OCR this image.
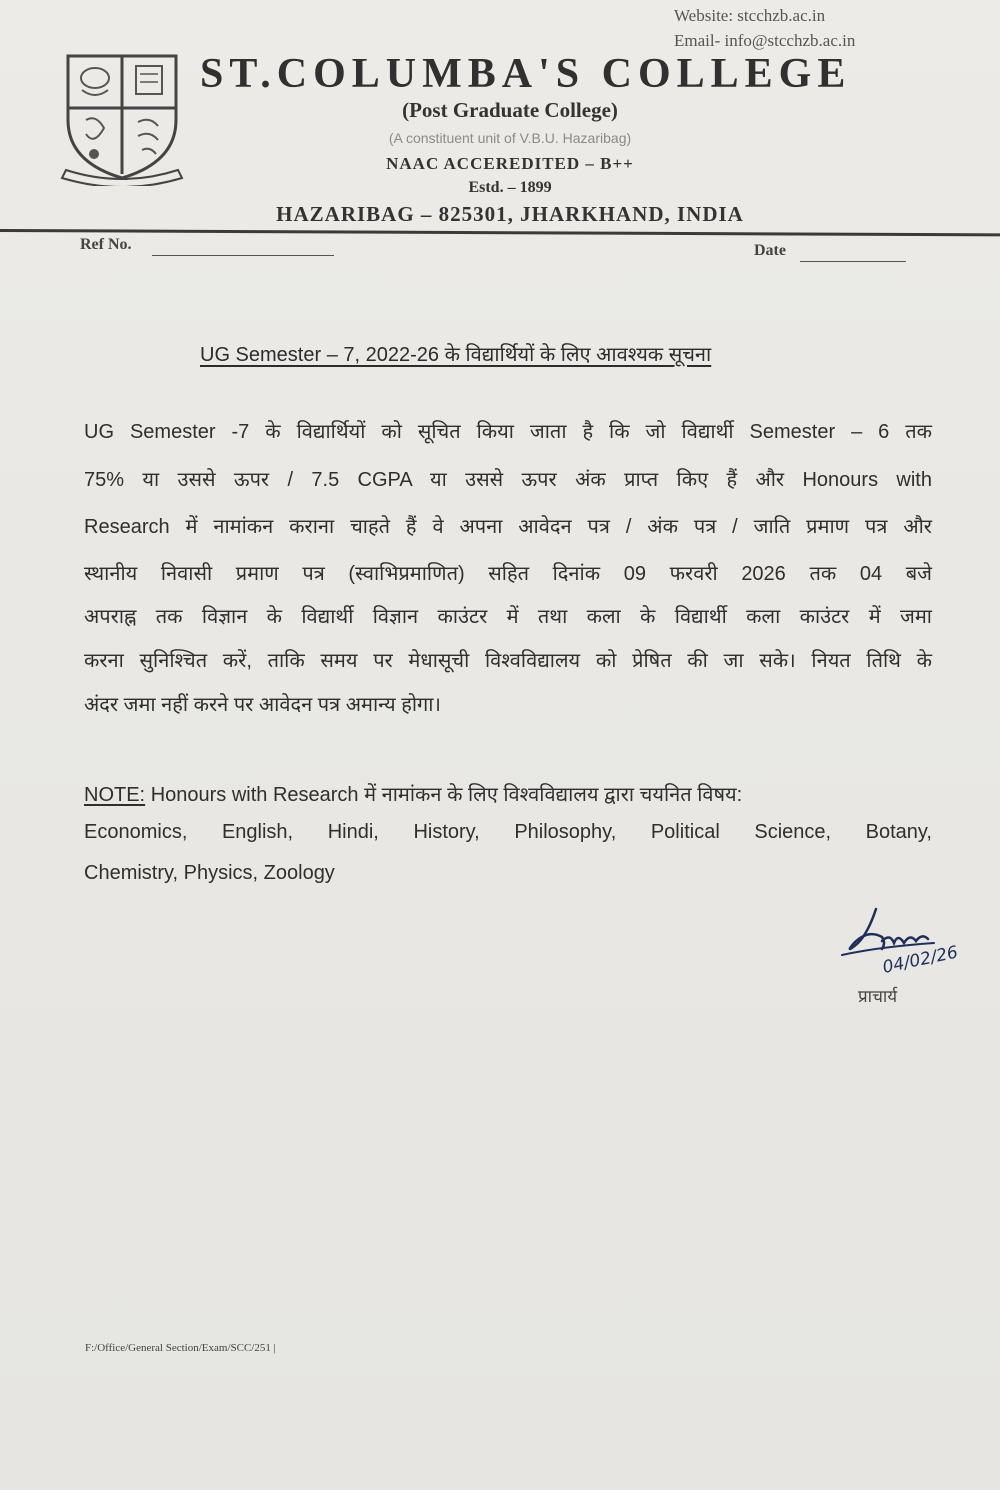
Website: stcchzb.ac.in
Email- info@stcchzb.ac.in
ST.COLUMBA'S COLLEGE
(Post Graduate College)
(A constituent unit of V.B.U. Hazaribag)
NAAC ACCEREDITED – B++
Estd. – 1899
HAZARIBAG – 825301, JHARKHAND, INDIA
Ref No.	Date
UG Semester – 7, 2022-26 के विद्यार्थियों के लिए आवश्यक सूचना
UG Semester -7 के विद्यार्थियों को सूचित किया जाता है कि जो विद्यार्थी Semester – 6 तक
75% या उससे ऊपर / 7.5 CGPA या उससे ऊपर अंक प्राप्त किए हैं और Honours with
Research में नामांकन कराना चाहते हैं वे अपना आवेदन पत्र / अंक पत्र / जाति प्रमाण पत्र और
स्थानीय निवासी प्रमाण पत्र (स्वाभिप्रमाणित) सहित दिनांक 09 फरवरी 2026 तक 04 बजे
अपराह्न तक विज्ञान के विद्यार्थी विज्ञान काउंटर में तथा कला के विद्यार्थी कला काउंटर में जमा
करना सुनिश्चित करें, ताकि समय पर मेधासूची विश्वविद्यालय को प्रेषित की जा सके। नियत तिथि के
अंदर जमा नहीं करने पर आवेदन पत्र अमान्य होगा।
NOTE: Honours with Research में नामांकन के लिए विश्वविद्यालय द्वारा चयनित विषय:
Economics, English, Hindi, History, Philosophy, Political Science, Botany,
Chemistry, Physics, Zoology
04/02/26
प्राचार्य
F:/Office/General Section/Exam/SCC/251 |
